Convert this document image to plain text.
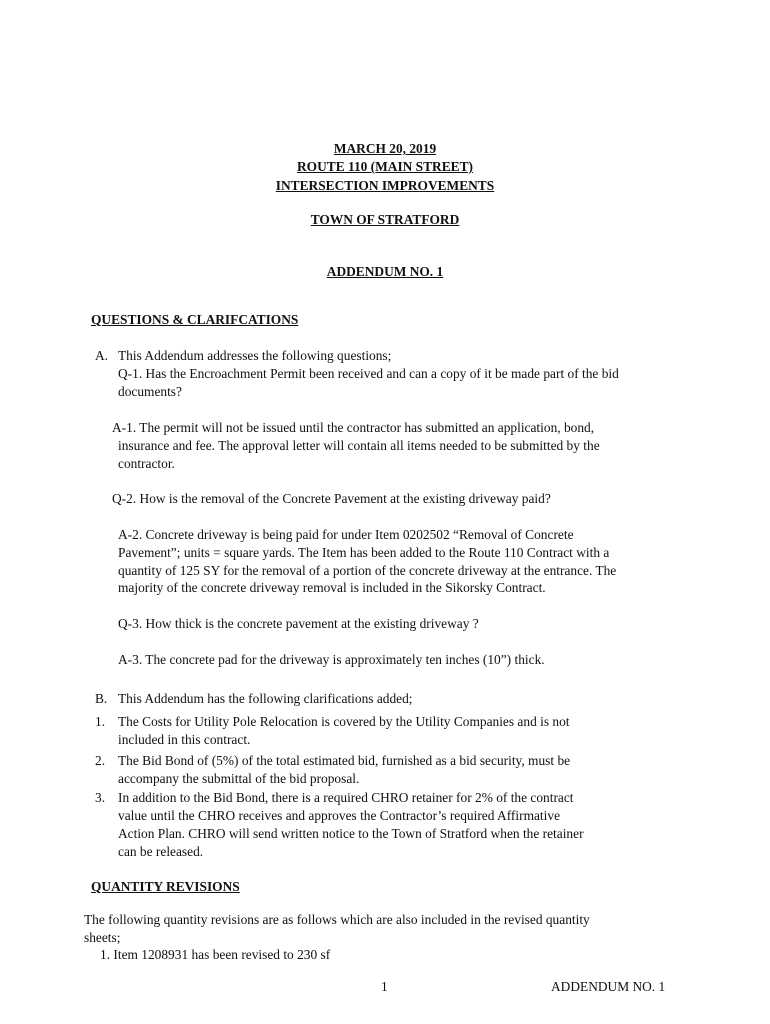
MARCH 20, 2019
ROUTE 110 (MAIN STREET)
INTERSECTION IMPROVEMENTS
TOWN OF STRATFORD
ADDENDUM NO. 1
QUESTIONS & CLARIFCATIONS
A. This Addendum addresses the following questions;
Q-1. Has the Encroachment Permit been received and can a copy of it be made part of the bid
documents?
A-1. The permit will not be issued until the contractor has submitted an application, bond,
insurance and fee. The approval letter will contain all items needed to be submitted by the
contractor.
Q-2. How is the removal of the Concrete Pavement at the existing driveway paid?
A-2. Concrete driveway is being paid for under Item 0202502 “Removal of Concrete
Pavement”; units = square yards. The Item has been added to the Route 110 Contract with a
quantity of 125 SY for the removal of a portion of the concrete driveway at the entrance. The
majority of the concrete driveway removal is included in the Sikorsky Contract.
Q-3. How thick is the concrete pavement at the existing driveway ?
A-3. The concrete pad for the driveway is approximately ten inches (10”) thick.
B. This Addendum has the following clarifications added;
1. The Costs for Utility Pole Relocation is covered by the Utility Companies and is not
included in this contract.
2. The Bid Bond of (5%) of the total estimated bid, furnished as a bid security, must be
accompany the submittal of the bid proposal.
3. In addition to the Bid Bond, there is a required CHRO retainer for 2% of the contract
value until the CHRO receives and approves the Contractor’s required Affirmative
Action Plan. CHRO will send written notice to the Town of Stratford when the retainer
can be released.
QUANTITY REVISIONS
The following quantity revisions are as follows which are also included in the revised quantity
sheets;
1. Item 1208931 has been revised to 230 sf
1	ADDENDUM NO. 1
